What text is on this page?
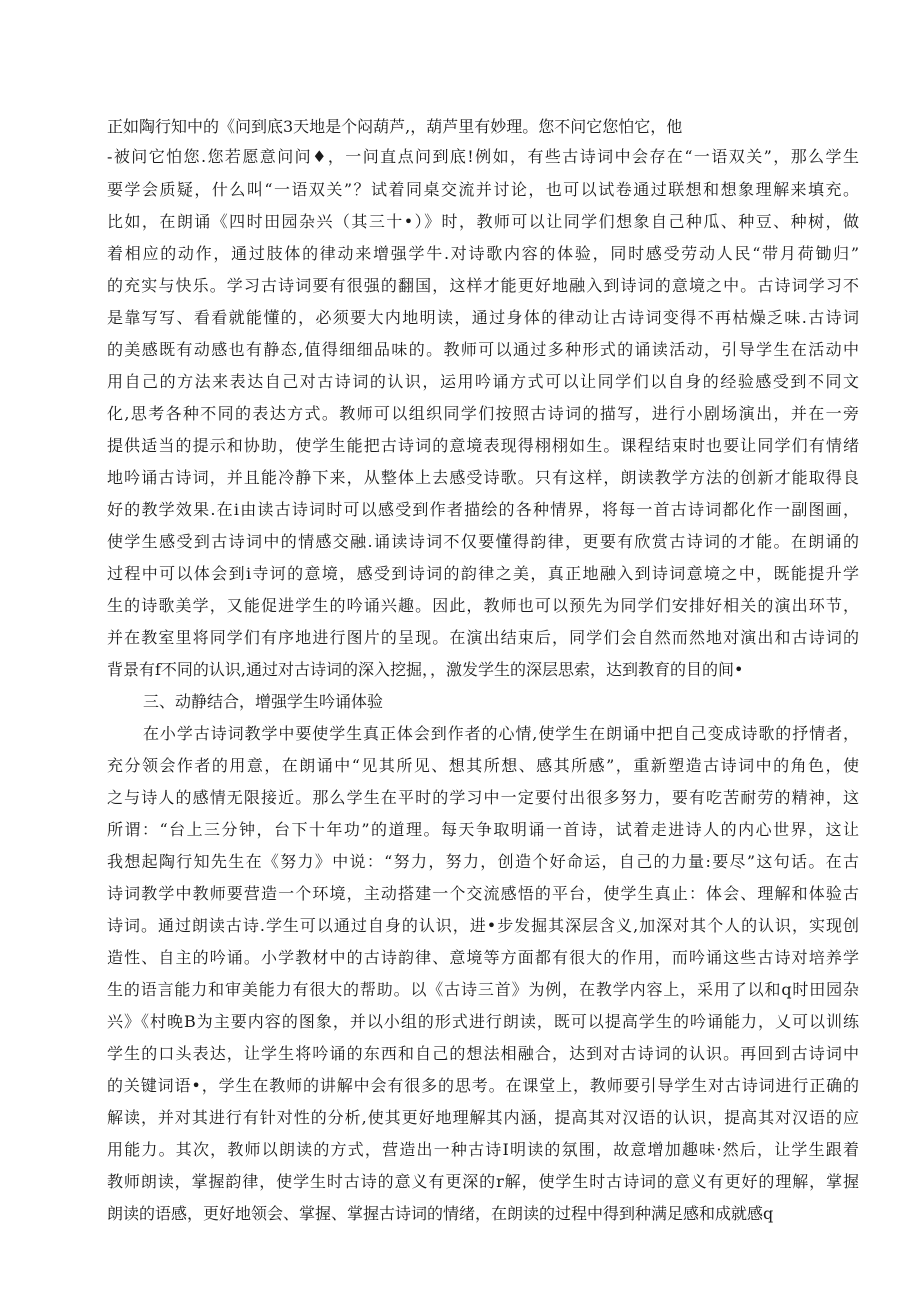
正如陶行知中的《问到底3天地是个闷葫芦,，葫芦里有妙理。您不问它您怕它，他
-被问它怕您.您若愿意问问♦，一问直点问到底!例如，有些古诗词中会存在“一语双关”，那么学生
要学会质疑，什么叫“一语双关”？试着同桌交流并讨论，也可以试卷通过联想和想象理解来填充。
比如，在朗诵《四时田园杂兴（其三十•）》时，教师可以让同学们想象自己种瓜、种豆、种树，做
着相应的动作，通过肢体的律动来增强学牛.对诗歌内容的体验，同时感受劳动人民“带月荷锄归”
的充实与快乐。学习古诗词要有很强的翻国，这样才能更好地融入到诗词的意境之中。古诗词学习不
是靠写写、看看就能懂的，必须要大内地明读，通过身体的律动让古诗词变得不再枯燥乏味.古诗词
的美感既有动感也有静态,值得细细品味的。教师可以通过多种形式的诵读活动，引导学生在活动中
用自己的方法来表达自己对古诗词的认识，运用吟诵方式可以让同学们以自身的经验感受到不同文
化,思考各种不同的表达方式。教师可以组织同学们按照古诗词的描写，进行小剧场演出，并在一旁
提供适当的提示和协助，使学生能把古诗词的意境表现得栩栩如生。课程结束时也要让同学们有情绪
地吟诵古诗词，并且能冷静下来，从整体上去感受诗歌。只有这样，朗读教学方法的创新才能取得良
好的教学效果.在i由读古诗词时可以感受到作者描绘的各种情界，将每一首古诗词都化作一副图画，
使学生感受到古诗词中的情感交融.诵读诗词不仅要懂得韵律，更要有欣赏古诗词的才能。在朗诵的
过程中可以体会到i寺诃的意境，感受到诗词的韵律之美，真正地融入到诗词意境之中，既能提升学
生的诗歌美学，又能促进学生的吟诵兴趣。因此，教师也可以预先为同学们安排好相关的演出环节，
并在教室里将同学们有序地进行图片的呈现。在演出结束后，同学们会自然而然地对演出和古诗词的
背景有f不同的认识,通过对古诗词的深入挖掘，，激发学生的深层思索，达到教育的目的间•
三、动静结合，增强学生吟诵体验
在小学古诗词教学中要使学生真正体会到作者的心情,使学生在朗诵中把自己变成诗歌的抒情者，
充分领会作者的用意，在朗诵中“见其所见、想其所想、感其所感”，重新塑造古诗词中的角色，使
之与诗人的感情无限接近。那么学生在平时的学习中一定要付出很多努力，要有吃苦耐劳的精神，这
所谓：“台上三分钟，台下十年功”的道理。每天争取明诵一首诗，试着走进诗人的内心世界，这让
我想起陶行知先生在《努力》中说：“努力，努力，创造个好命运，自己的力量:要尽”这句话。在古
诗词教学中教师要营造一个环境，主动搭建一个交流感悟的平台，使学生真止：体会、理解和体验古
诗词。通过朗读古诗.学生可以通过自身的认识，进•步发掘其深层含义,加深对其个人的认识，实现创
造性、自主的吟诵。小学教材中的古诗韵律、意境等方面都有很大的作用，而吟诵这些古诗对培养学
生的语言能力和审美能力有很大的帮助。以《古诗三首》为例，在教学内容上，采用了以和q时田园杂
兴》《村晚B为主要内容的图象，并以小组的形式进行朗读，既可以提高学生的吟诵能力，乂可以训练
学生的口头表达，让学生将吟诵的东西和自己的想法相融合，达到对古诗词的认识。再回到古诗词中
的关键词语•，学生在教师的讲解中会有很多的思考。在课堂上，教师要引导学生对古诗词进行正确的
解读，并对其进行有针对性的分析,使其更好地理解其内涵，提高其对汉语的认识，提高其对汉语的应
用能力。其次，教师以朗读的方式，营造出一种古诗I明读的氛围，故意增加趣味·然后，让学生跟着
教师朗读，掌握韵律，使学生时古诗的意义有更深的r解，使学生时古诗词的意义有更好的理解，掌握
朗读的语感，更好地领会、掌握、掌握古诗词的情绪，在朗读的过程中得到种满足感和成就感q
